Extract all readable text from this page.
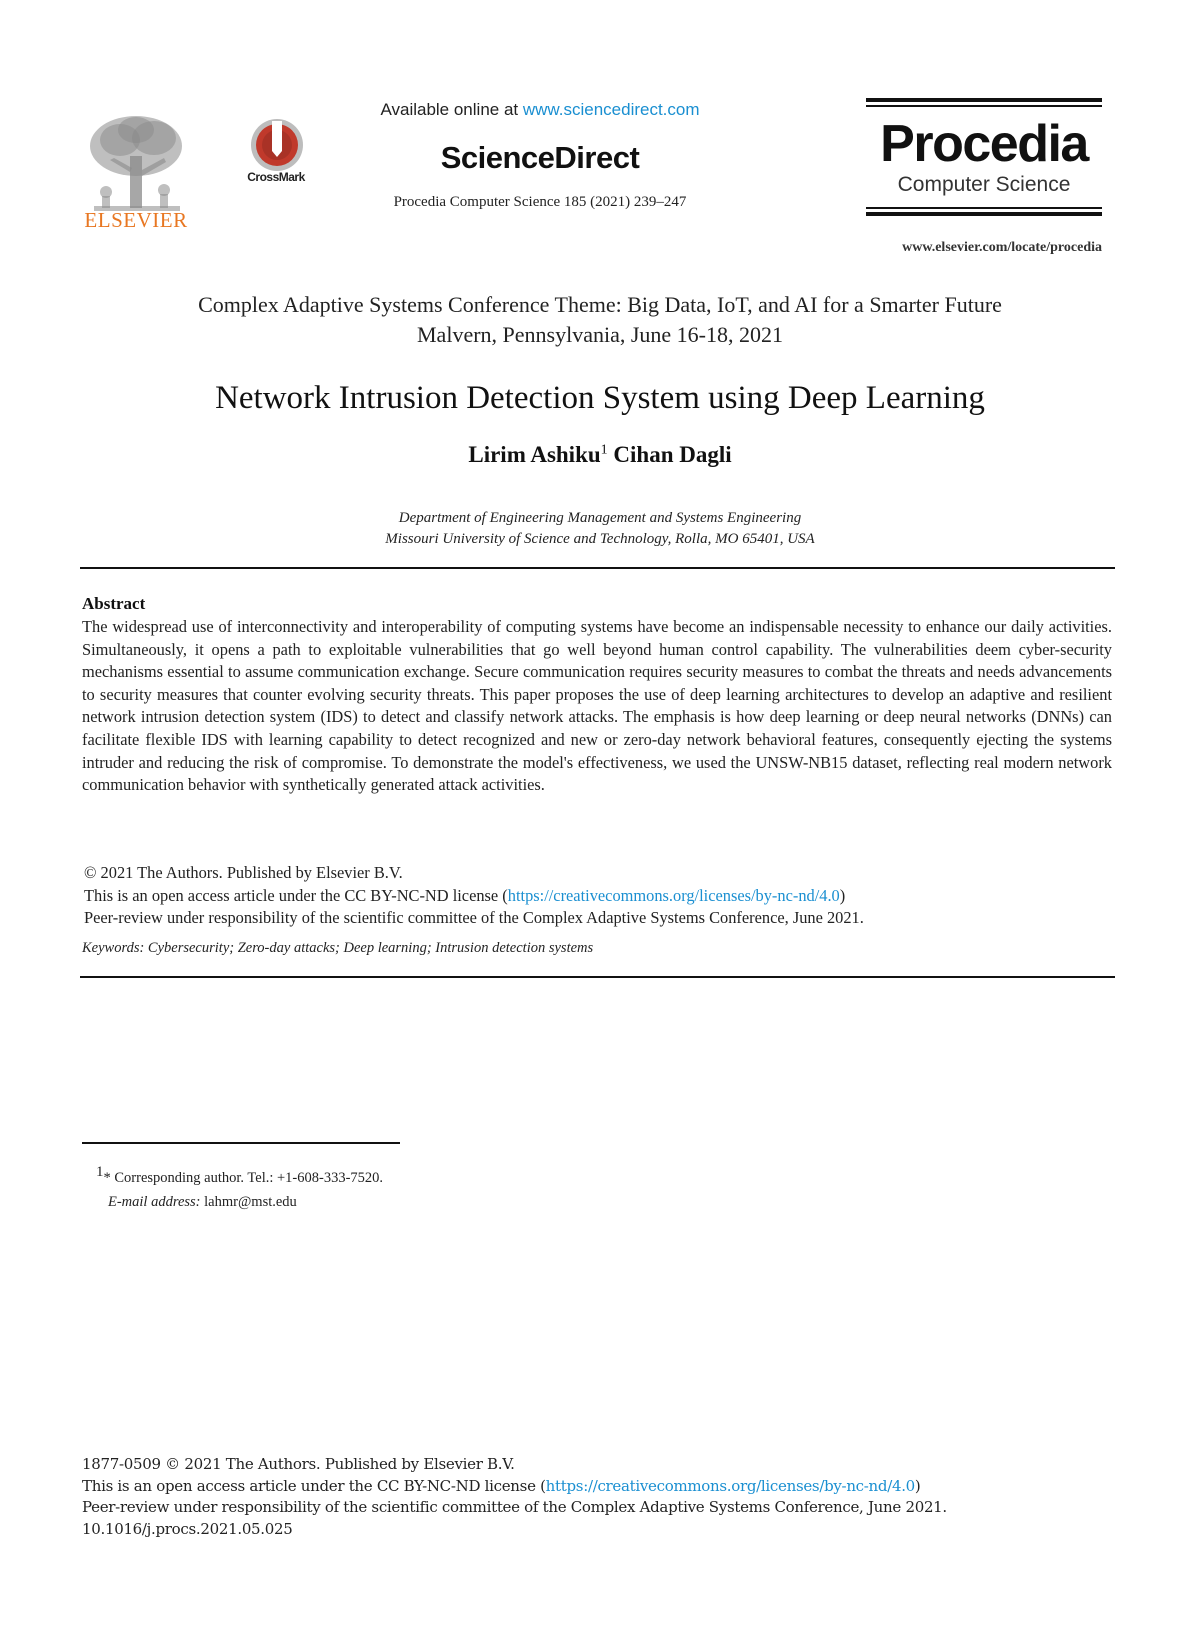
ELSEVIER
CrossMark
Available online at www.sciencedirect.com
ScienceDirect
Procedia Computer Science 185 (2021) 239–247
Procedia
Computer Science
www.elsevier.com/locate/procedia
Complex Adaptive Systems Conference Theme: Big Data, IoT, and AI for a Smarter Future
Malvern, Pennsylvania, June 16-18, 2021
Network Intrusion Detection System using Deep Learning
Lirim Ashiku$^1$ Cihan Dagli
Department of Engineering Management and Systems Engineering
Missouri University of Science and Technology, Rolla, MO 65401, USA
Abstract

The widespread use of interconnectivity and interoperability of computing systems have become an indispensable necessity to enhance our daily activities. Simultaneously, it opens a path to exploitable vulnerabilities that go well beyond human control capability. The vulnerabilities deem cyber-security mechanisms essential to assume communication exchange. Secure communication requires security measures to combat the threats and needs advancements to security measures that counter evolving security threats. This paper proposes the use of deep learning architectures to develop an adaptive and resilient network intrusion detection system (IDS) to detect and classify network attacks. The emphasis is how deep learning or deep neural networks (DNNs) can facilitate flexible IDS with learning capability to detect recognized and new or zero-day network behavioral features, consequently ejecting the systems intruder and reducing the risk of compromise. To demonstrate the model's effectiveness, we used the UNSW-NB15 dataset, reflecting real modern network communication behavior with synthetically generated attack activities.

© 2021 The Authors. Published by Elsevier B.V.
This is an open access article under the CC BY-NC-ND license (https://creativecommons.org/licenses/by-nc-nd/4.0)
Peer-review under responsibility of the scientific committee of the Complex Adaptive Systems Conference, June 2021.
Keywords: Cybersecurity; Zero-day attacks; Deep learning; Intrusion detection systems
$^1$* Corresponding author. Tel.: +1-608-333-7520.
E-mail address: lahmr@mst.edu
1877-0509 © 2021 The Authors. Published by Elsevier B.V.
This is an open access article under the CC BY-NC-ND license (https://creativecommons.org/licenses/by-nc-nd/4.0)
Peer-review under responsibility of the scientific committee of the Complex Adaptive Systems Conference, June 2021.
10.1016/j.procs.2021.05.025
